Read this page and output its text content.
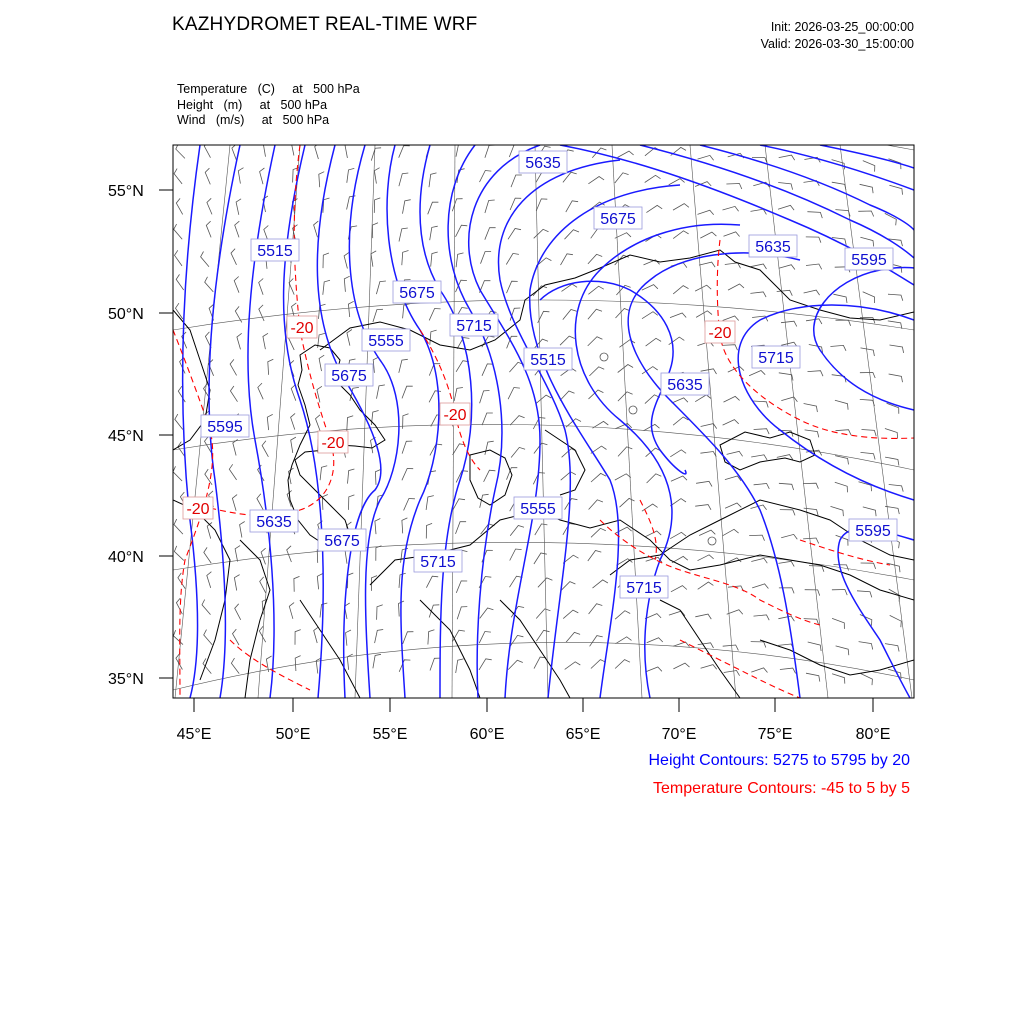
KAZHYDROMET REAL-TIME WRF	Init: 2026-03-25_00:00:00
Valid: 2026-03-30_15:00:00
Temperature   (C)     at   500 hPa
Height   (m)     at   500 hPa
Wind   (m/s)     at   500 hPa
55°N
50°N
45°N
40°N
35°N
45°E	50°E	55°E	60°E	65°E	70°E	75°E	80°E
5635
5675
5515	5635
5595
5675
5715
5555
5515	5715
5675
5635
5595
5555
5595
5635
5675
5715
5715
-20	-20
-20
-20
-20
Height Contours: 5275 to 5795 by 20
Temperature Contours: -45 to 5 by 5
